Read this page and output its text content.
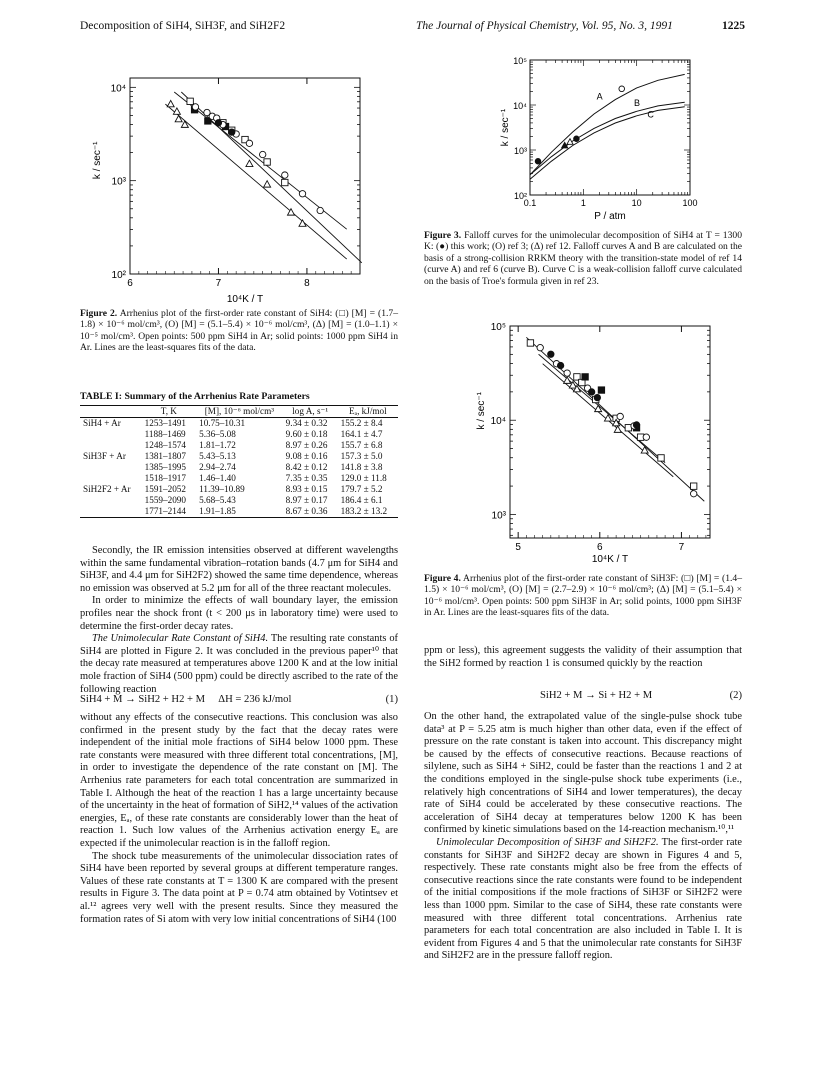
Decomposition of SiH4, SiH3F, and SiH2F2	The Journal of Physical Chemistry, Vol. 95, No. 3, 1991	1225
10²
10³
10⁴
6	7	8
10⁴K / T
k / sec⁻¹
Figure 2. Arrhenius plot of the first-order rate constant of SiH4: (□) [M] = (1.7–1.8) × 10⁻⁶ mol/cm³, (O) [M] = (5.1–5.4) × 10⁻⁶ mol/cm³, (Δ) [M] = (1.0–1.1) × 10⁻⁵ mol/cm³. Open points: 500 ppm SiH4 in Ar; solid points: 1000 ppm SiH4 in Ar. Lines are the least-squares fits of the data.
TABLE I: Summary of the Arrhenius Rate Parameters
	T, K	[M], 10⁻⁶ mol/cm³	log A, s⁻¹	Eₐ, kJ/mol
SiH4 + Ar	1253–1491	10.75–10.31	9.34 ± 0.32	155.2 ± 8.4
	1188–1469	5.36–5.08	9.60 ± 0.18	164.1 ± 4.7
	1248–1574	1.81–1.72	8.97 ± 0.26	155.7 ± 6.8
SiH3F + Ar	1381–1807	5.43–5.13	9.08 ± 0.16	157.3 ± 5.0
	1385–1995	2.94–2.74	8.42 ± 0.12	141.8 ± 3.8
	1518–1917	1.46–1.40	7.35 ± 0.35	129.0 ± 11.8
SiH2F2 + Ar	1591–2052	11.39–10.89	8.93 ± 0.15	179.7 ± 5.2
	1559–2090	5.68–5.43	8.97 ± 0.17	186.4 ± 6.1
	1771–2144	1.91–1.85	8.67 ± 0.36	183.2 ± 13.2

Secondly, the IR emission intensities observed at different wavelengths within the same fundamental vibration–rotation bands (4.7 μm for SiH4 and SiH3F, and 4.4 μm for SiH2F2) showed the same time dependence, whereas no emission was observed at 5.2 μm for all of the three reactant molecules.

In order to minimize the effects of wall boundary layer, the emission profiles near the shock front (t < 200 μs in laboratory time) were used to determine the first-order decay rates.

The Unimolecular Rate Constant of SiH4. The resulting rate constants of SiH4 are plotted in Figure 2. It was concluded in the previous paper¹⁰ that the decay rate measured at temperatures above 1200 K and at the low initial mole fraction of SiH4 (500 ppm) could be directly ascribed to the rate of the following reaction

SiH4 + M → SiH2 + H2 + M     ΔH = 236 kJ/mol	(1)

without any effects of the consecutive reactions. This conclusion was also confirmed in the present study by the fact that the decay rates were independent of the initial mole fractions of SiH4 below 1000 ppm. These rate constants were measured with three different total concentrations, [M], in order to investigate the dependence of the rate constant on [M]. The Arrhenius rate parameters for each total concentration are summarized in Table I. Although the heat of the reaction 1 has a large uncertainty because of the uncertainty in the heat of formation of SiH2,¹⁴ values of the activation energies, Eₐ, of these rate constants are considerably lower than the heat of reaction 1. Such low values of the Arrhenius activation energy Eₐ are expected if the unimolecular reaction is in the falloff region.

The shock tube measurements of the unimolecular dissociation rates of SiH4 have been reported by several groups at different temperature ranges. Values of these rate constants at T = 1300 K are compared with the present results in Figure 3. The data point at P = 0.74 atm obtained by Votintsev et al.¹² agrees very well with the present results. Since they measured the formation rates of Si atom with very low initial concentrations of SiH4 (100

0.1	1	10	100
10²
10³
10⁴
10⁵
P / atm
k / sec⁻¹
A
B
C
Figure 3. Falloff curves for the unimolecular decomposition of SiH4 at T = 1300 K: (●) this work; (O) ref 3; (Δ) ref 12. Falloff curves A and B are calculated on the basis of a strong-collision RRKM theory with the transition-state model of ref 14 (curve A) and ref 6 (curve B). Curve C is a weak-collision falloff curve calculated on the basis of Troe's formula given in ref 23.
10³
10⁴
10⁵
5	6	7
10⁴K / T
k / sec⁻¹
Figure 4. Arrhenius plot of the first-order rate constant of SiH3F: (□) [M] = (1.4–1.5) × 10⁻⁶ mol/cm³, (O) [M] = (2.7–2.9) × 10⁻⁶ mol/cm³; (Δ) [M] = (5.1–5.4) × 10⁻⁶ mol/cm³. Open points: 500 ppm SiH3F in Ar; solid points, 1000 ppm SiH3F in Ar. Lines are the least-squares fits of the data.

ppm or less), this agreement suggests the validity of their assumption that the SiH2 formed by reaction 1 is consumed quickly by the reaction

SiH2 + M → Si + H2 + M	(2)

On the other hand, the extrapolated value of the single-pulse shock tube data³ at P = 5.25 atm is much higher than other data, even if the effect of pressure on the rate constant is taken into account. This discrepancy might be caused by the effects of consecutive reactions. Because reactions of silylene, such as SiH4 + SiH2, could be faster than the reactions 1 and 2 at the conditions employed in the single-pulse shock tube experiments (i.e., relatively high concentrations of SiH4 and lower temperatures), the decay rate of SiH4 could be accelerated by these consecutive reactions. The acceleration of SiH4 decay at temperatures below 1200 K has been confirmed by kinetic simulations based on the 14-reaction mechanism.¹⁰,¹¹

Unimolecular Decomposition of SiH3F and SiH2F2. The first-order rate constants for SiH3F and SiH2F2 decay are shown in Figures 4 and 5, respectively. These rate constants might also be free from the effects of consecutive reactions since the rate constants were found to be independent of the initial compositions if the mole fractions of SiH3F or SiH2F2 were less than 1000 ppm. Similar to the case of SiH4, these rate constants were measured with three different total concentrations. Arrhenius rate parameters for each total concentration are also included in Table I. It is evident from Figures 4 and 5 that the unimolecular rate constants for SiH3F and SiH2F2 are in the pressure falloff region.
